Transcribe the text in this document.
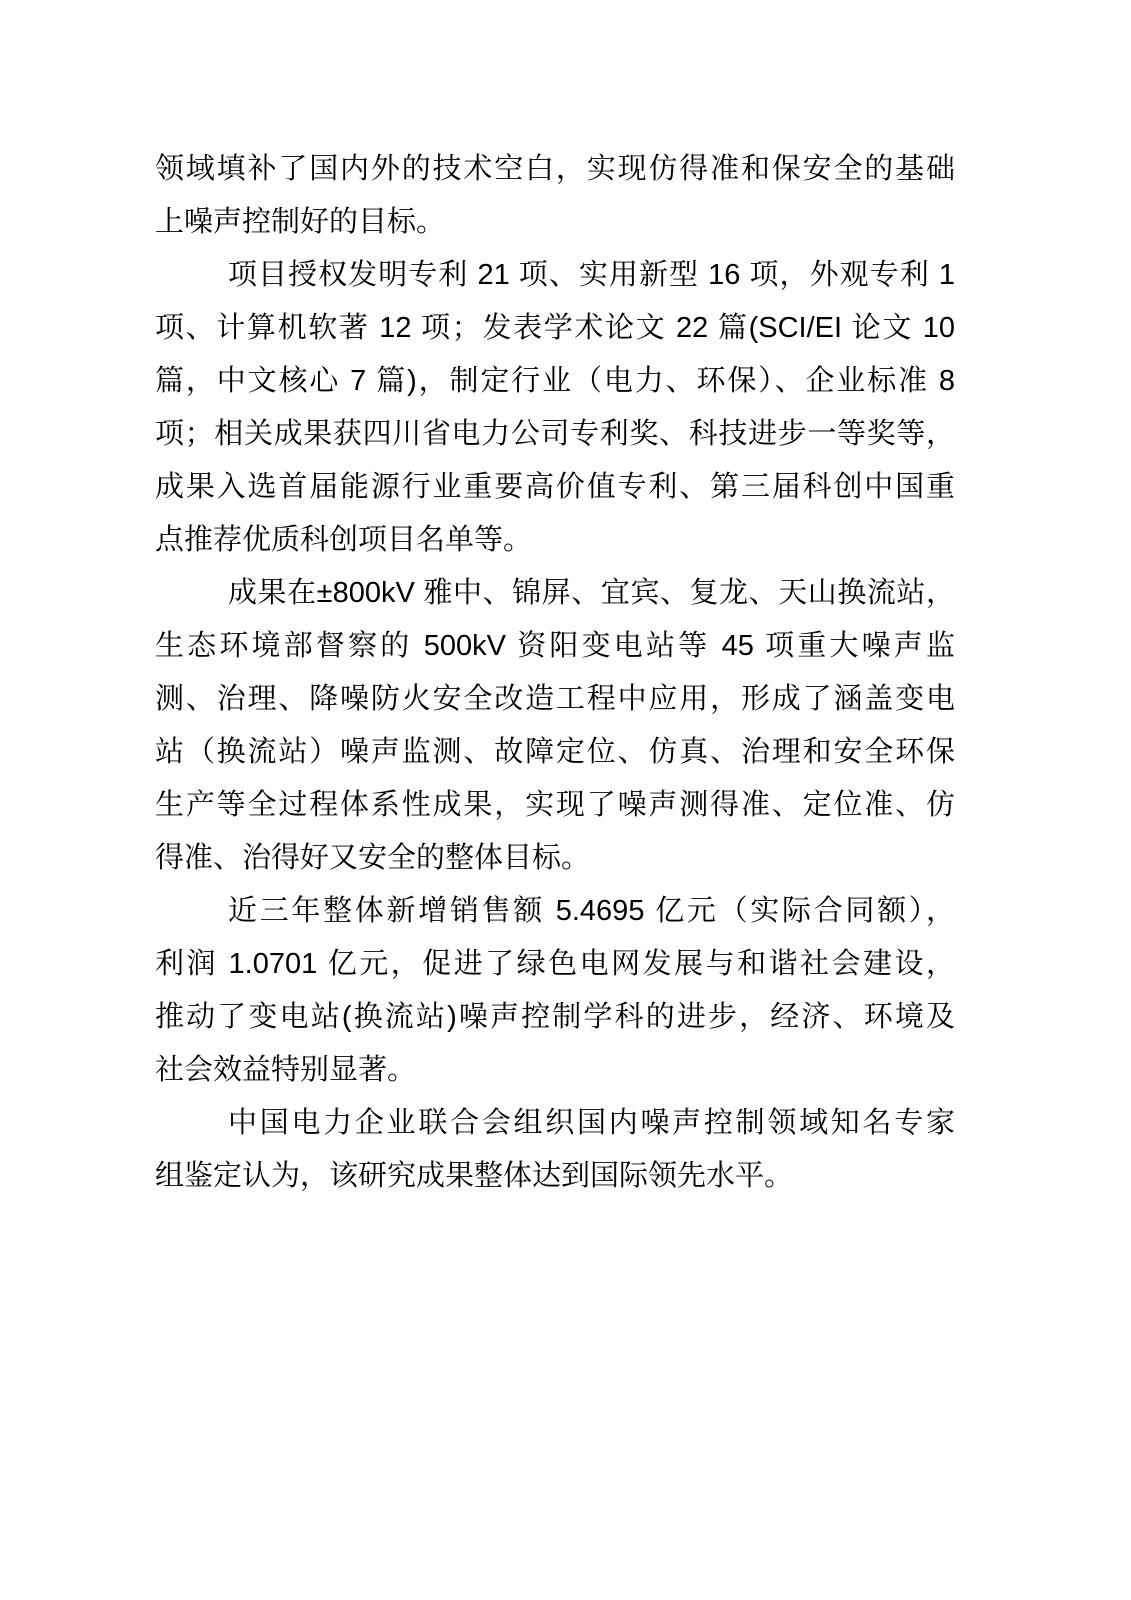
领域填补了国内外的技术空白，实现仿得准和保安全的基础
上噪声控制好的目标。

项目授权发明专利 21 项、实用新型 16 项，外观专利 1
项、计算机软著 12 项；发表学术论文 22 篇(SCI/EI 论文 10
篇，中文核心 7 篇)，制定行业（电力、环保）、企业标准 8
项；相关成果获四川省电力公司专利奖、科技进步一等奖等，
成果入选首届能源行业重要高价值专利、第三届科创中国重
点推荐优质科创项目名单等。

成果在±800kV 雅中、锦屏、宜宾、复龙、天山换流站，
生态环境部督察的 500kV 资阳变电站等 45 项重大噪声监
测、治理、降噪防火安全改造工程中应用，形成了涵盖变电
站（换流站）噪声监测、故障定位、仿真、治理和安全环保
生产等全过程体系性成果，实现了噪声测得准、定位准、仿
得准、治得好又安全的整体目标。

近三年整体新增销售额 5.4695 亿元（实际合同额），
利润 1.0701 亿元，促进了绿色电网发展与和谐社会建设，
推动了变电站(换流站)噪声控制学科的进步，经济、环境及
社会效益特别显著。

中国电力企业联合会组织国内噪声控制领域知名专家
组鉴定认为，该研究成果整体达到国际领先水平。
